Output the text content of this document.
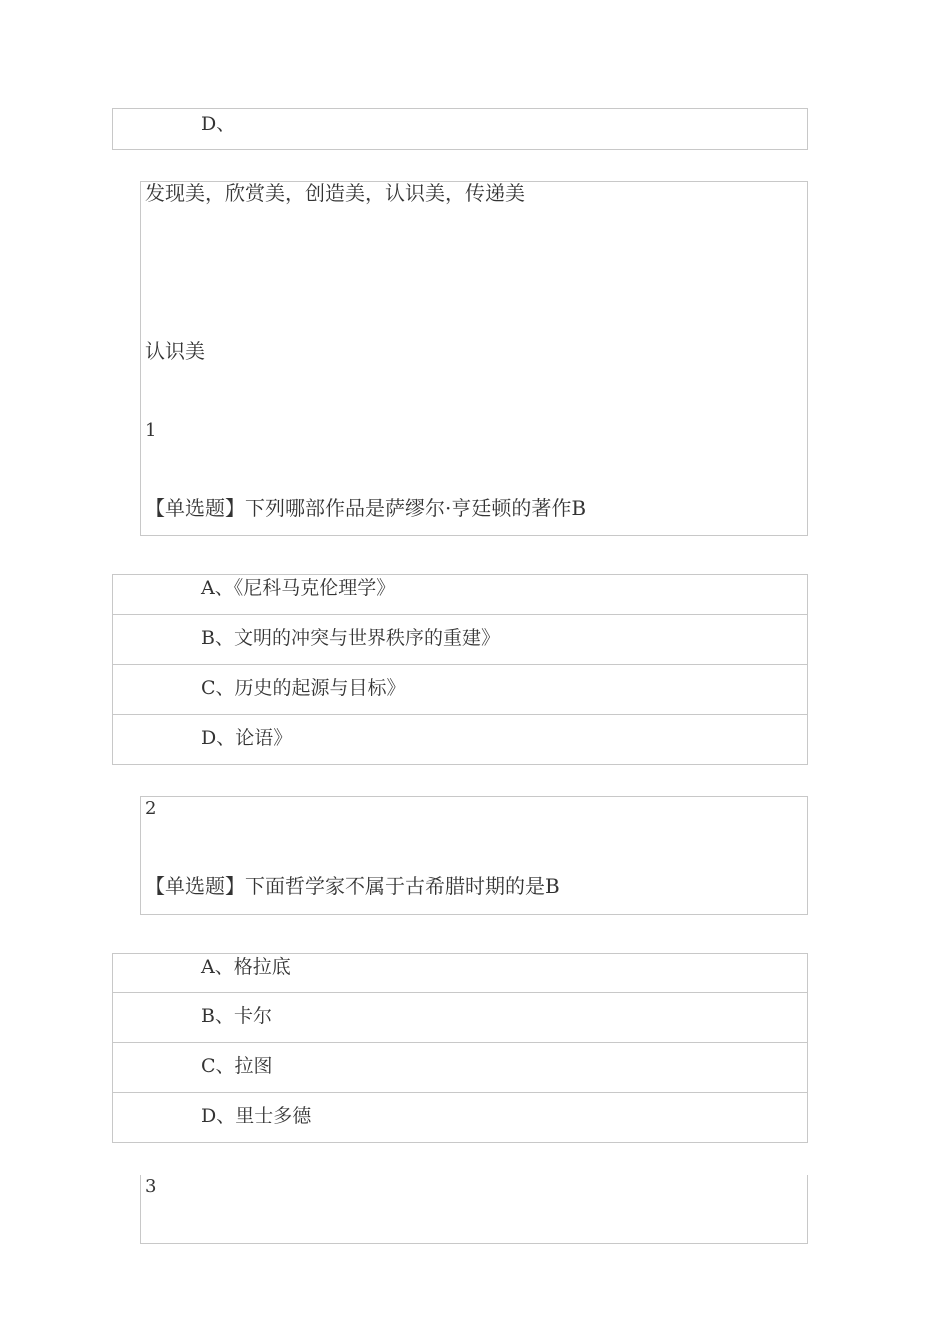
D、
发现美，欣赏美，创造美，认识美，传递美
认识美
1
【单选题】下列哪部作品是萨缪尔·亨廷顿的著作B
A、《尼科马克伦理学》
B、文明的冲突与世界秩序的重建》
C、历史的起源与目标》
D、论语》
2
【单选题】下面哲学家不属于古希腊时期的是B
A、格拉底
B、卡尔
C、拉图
D、里士多德
3
